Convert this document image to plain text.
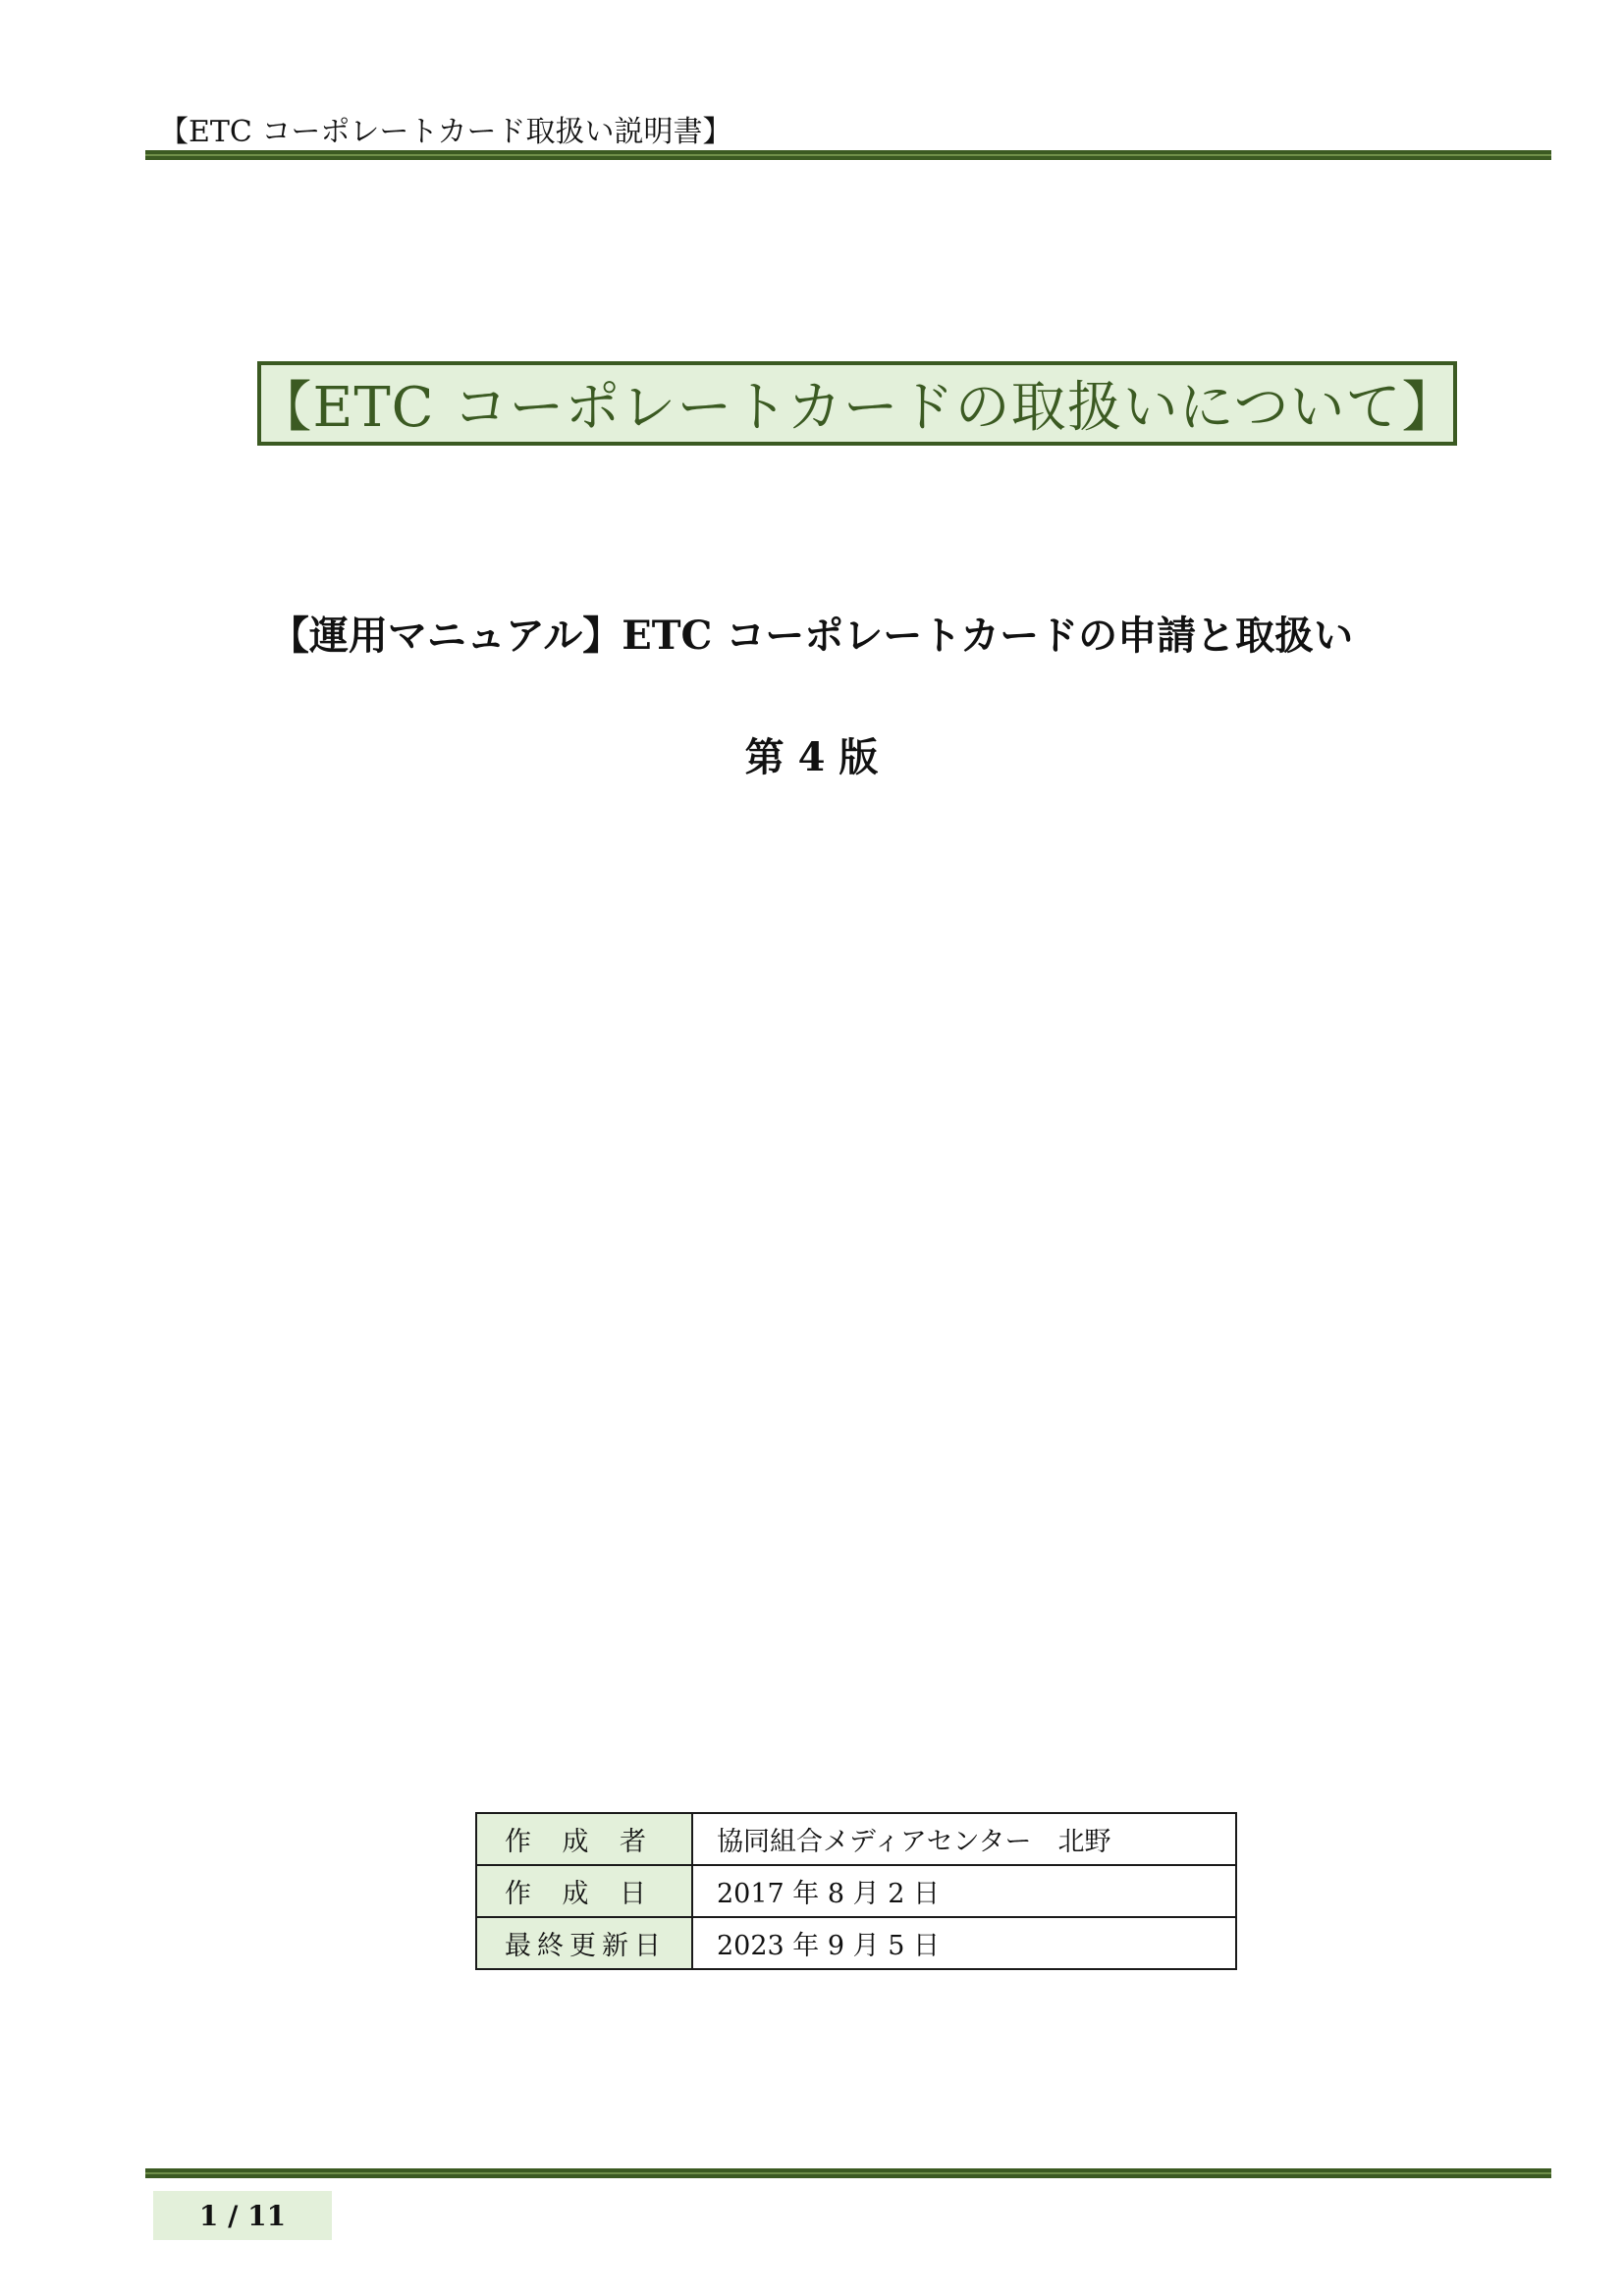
【ETC コーポレートカード取扱い説明書】
【ETC コーポレートカードの取扱いについて】
【運用マニュアル】ETC コーポレートカードの申請と取扱い
第 4 版
作 成 者	協同組合メディアセンター　北野

作 成 日	2017 年 8 月 2 日
最終更新日	2023 年 9 月 5 日
1 / 11
